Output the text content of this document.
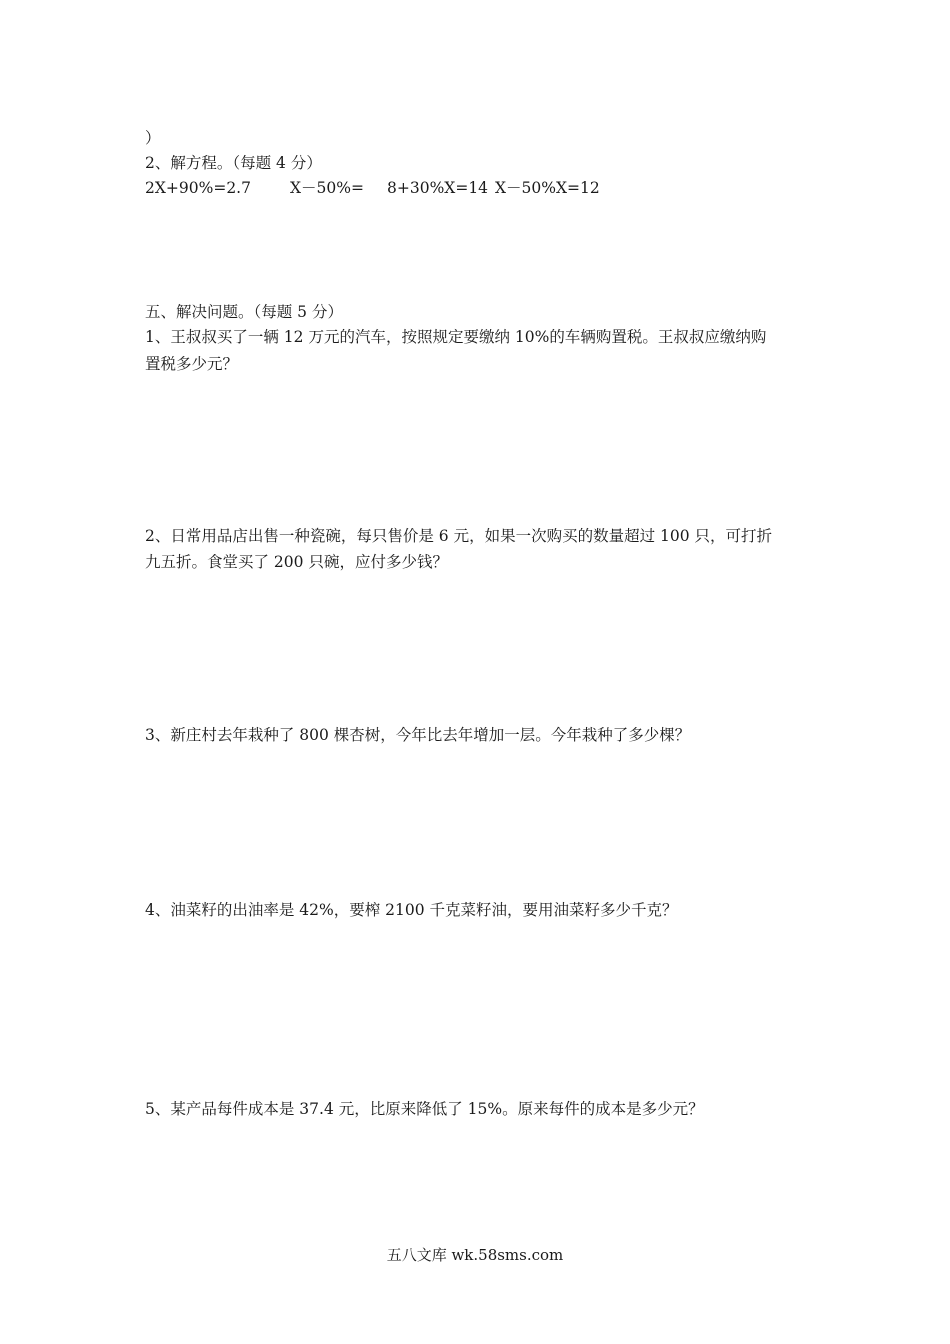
）
2、解方程。（每题 4 分）
2X+90%=2.7	X－50%= 8+30%X=14 X－50%X=12
五、解决问题。（每题 5 分）
1、王叔叔买了一辆 12 万元的汽车，按照规定要缴纳 10%的车辆购置税。王叔叔应缴纳购
置税多少元？
2、日常用品店出售一种瓷碗，每只售价是 6 元，如果一次购买的数量超过 100 只，可打折
九五折。食堂买了 200 只碗，应付多少钱？
3、新庄村去年栽种了 800 棵杏树，今年比去年增加一层。今年栽种了多少棵？
4、油菜籽的出油率是 42%，要榨 2100 千克菜籽油，要用油菜籽多少千克？
5、某产品每件成本是 37.4 元，比原来降低了 15%。原来每件的成本是多少元？
五八文库 wk.58sms.com
